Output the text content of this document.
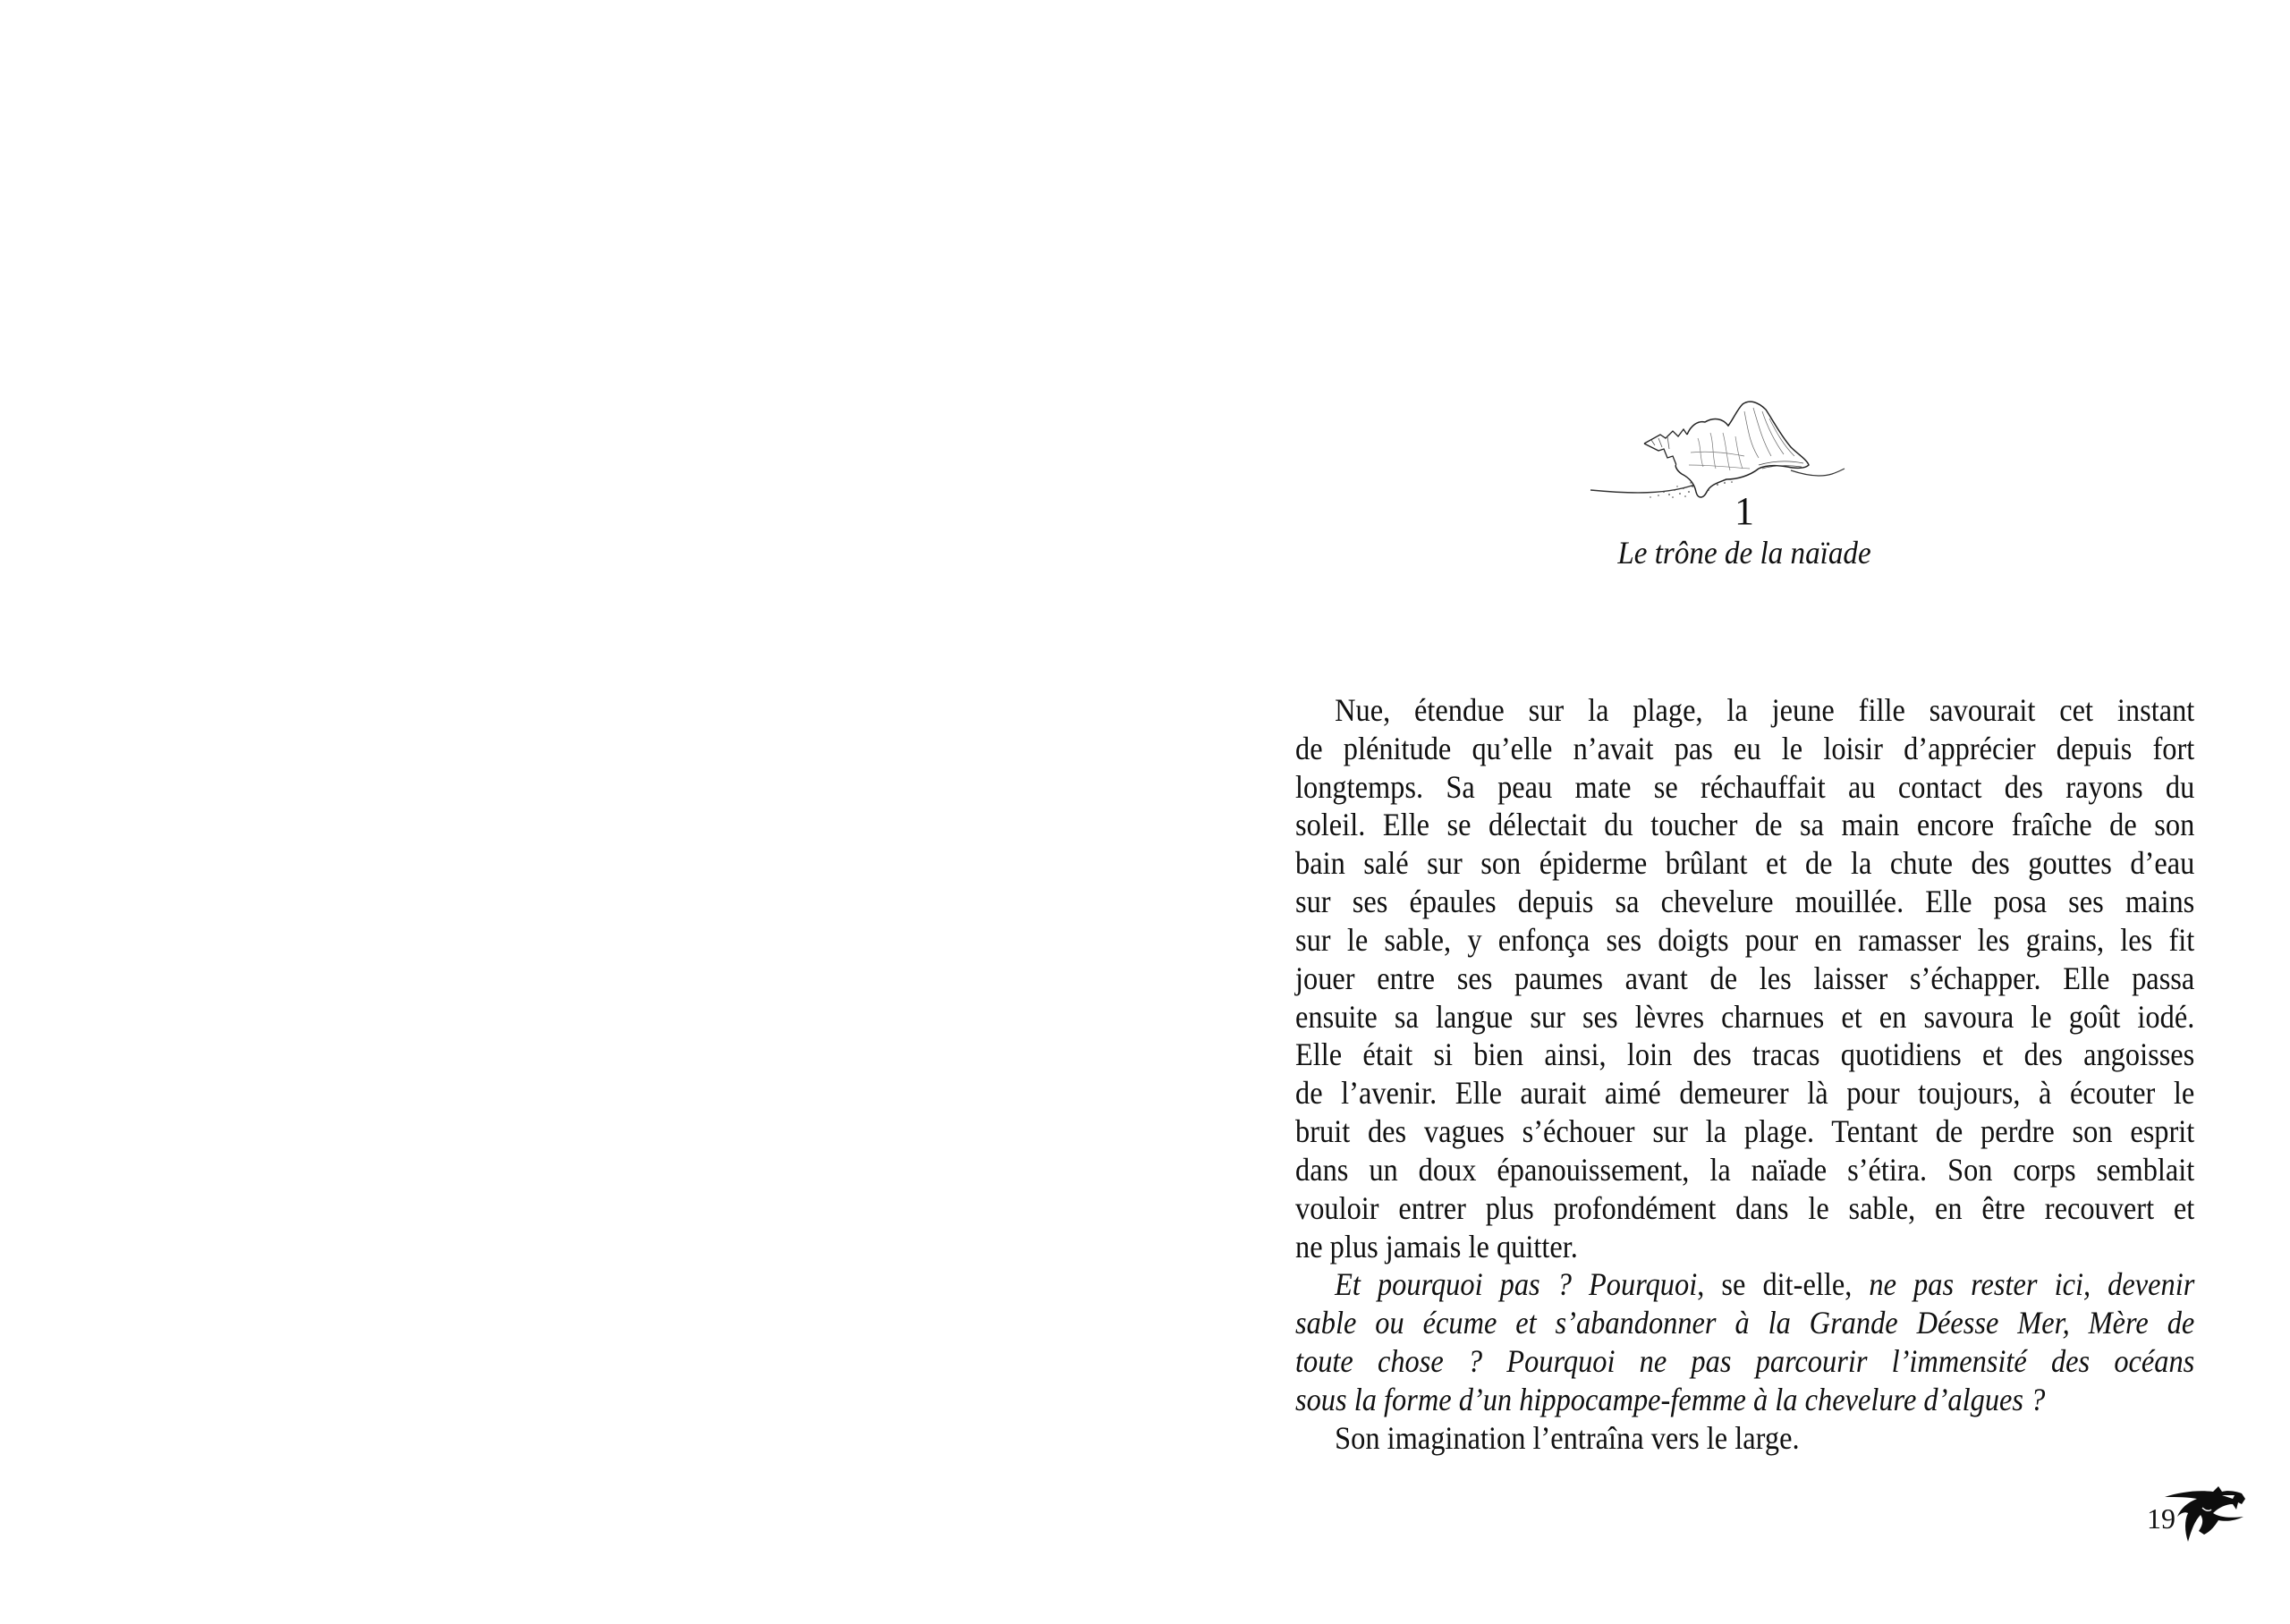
1
Le trône de la naïade
Nue, étendue sur la plage, la jeune fille savourait cet instant
de plénitude qu’elle n’avait pas eu le loisir d’apprécier depuis fort
longtemps. Sa peau mate se réchauffait au contact des rayons du
soleil. Elle se délectait du toucher de sa main encore fraîche de son
bain salé sur son épiderme brûlant et de la chute des gouttes d’eau
sur ses épaules depuis sa chevelure mouillée. Elle posa ses mains
sur le sable, y enfonça ses doigts pour en ramasser les grains, les fit
jouer entre ses paumes avant de les laisser s’échapper. Elle passa
ensuite sa langue sur ses lèvres charnues et en savoura le goût iodé.
Elle était si bien ainsi, loin des tracas quotidiens et des angoisses
de l’avenir. Elle aurait aimé demeurer là pour toujours, à écouter le
bruit des vagues s’échouer sur la plage. Tentant de perdre son esprit
dans un doux épanouissement, la naïade s’étira. Son corps semblait
vouloir entrer plus profondément dans le sable, en être recouvert et
ne plus jamais le quitter.
Et pourquoi pas ? Pourquoi, se dit-elle, ne pas rester ici, devenir
sable ou écume et s’abandonner à la Grande Déesse Mer, Mère de
toute chose ? Pourquoi ne pas parcourir l’immensité des océans
sous la forme d’un hippocampe-femme à la chevelure d’algues ?
Son imagination l’entraîna vers le large.
19
